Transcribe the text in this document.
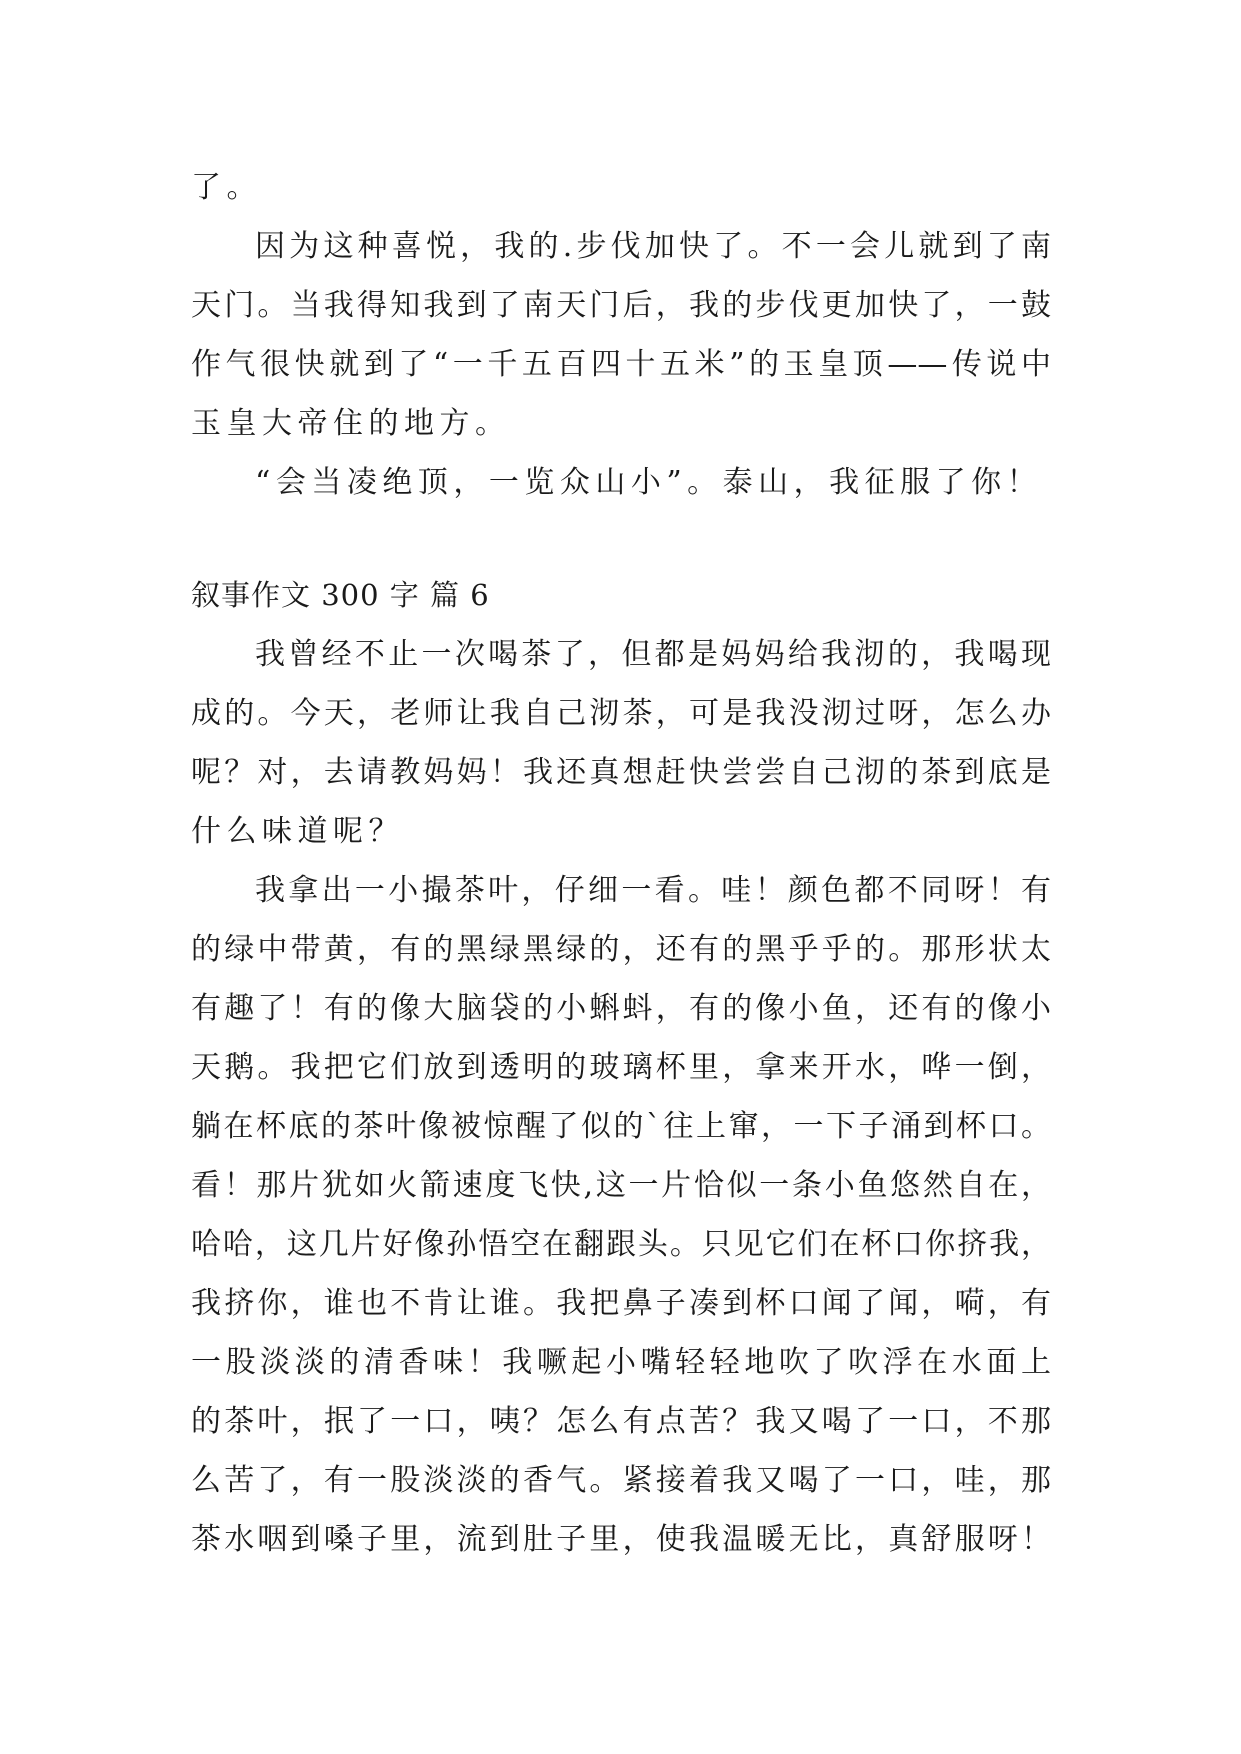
了。
因为这种喜悦，我的.步伐加快了。不一会儿就到了南
天门。当我得知我到了南天门后，我的步伐更加快了，一鼓
作气很快就到了“一千五百四十五米”的玉皇顶——传说中
玉皇大帝住的地方。
“会当凌绝顶，一览众山小”。泰山，我征服了你！
叙事作文 300 字 篇 6
我曾经不止一次喝茶了，但都是妈妈给我沏的，我喝现
成的。今天，老师让我自己沏茶，可是我没沏过呀，怎么办
呢？对，去请教妈妈！我还真想赶快尝尝自己沏的茶到底是
什么味道呢？
我拿出一小撮茶叶，仔细一看。哇！颜色都不同呀！有
的绿中带黄，有的黑绿黑绿的，还有的黑乎乎的。那形状太
有趣了！有的像大脑袋的小蝌蚪，有的像小鱼，还有的像小
天鹅。我把它们放到透明的玻璃杯里，拿来开水，哗一倒，
躺在杯底的茶叶像被惊醒了似的`往上窜，一下子涌到杯口。
看！那片犹如火箭速度飞快,这一片恰似一条小鱼悠然自在，
哈哈，这几片好像孙悟空在翻跟头。只见它们在杯口你挤我，
我挤你，谁也不肯让谁。我把鼻子凑到杯口闻了闻，嗬，有
一股淡淡的清香味！我噘起小嘴轻轻地吹了吹浮在水面上
的茶叶，抿了一口，咦？怎么有点苦？我又喝了一口，不那
么苦了，有一股淡淡的香气。紧接着我又喝了一口，哇，那
茶水咽到嗓子里，流到肚子里，使我温暖无比，真舒服呀！
